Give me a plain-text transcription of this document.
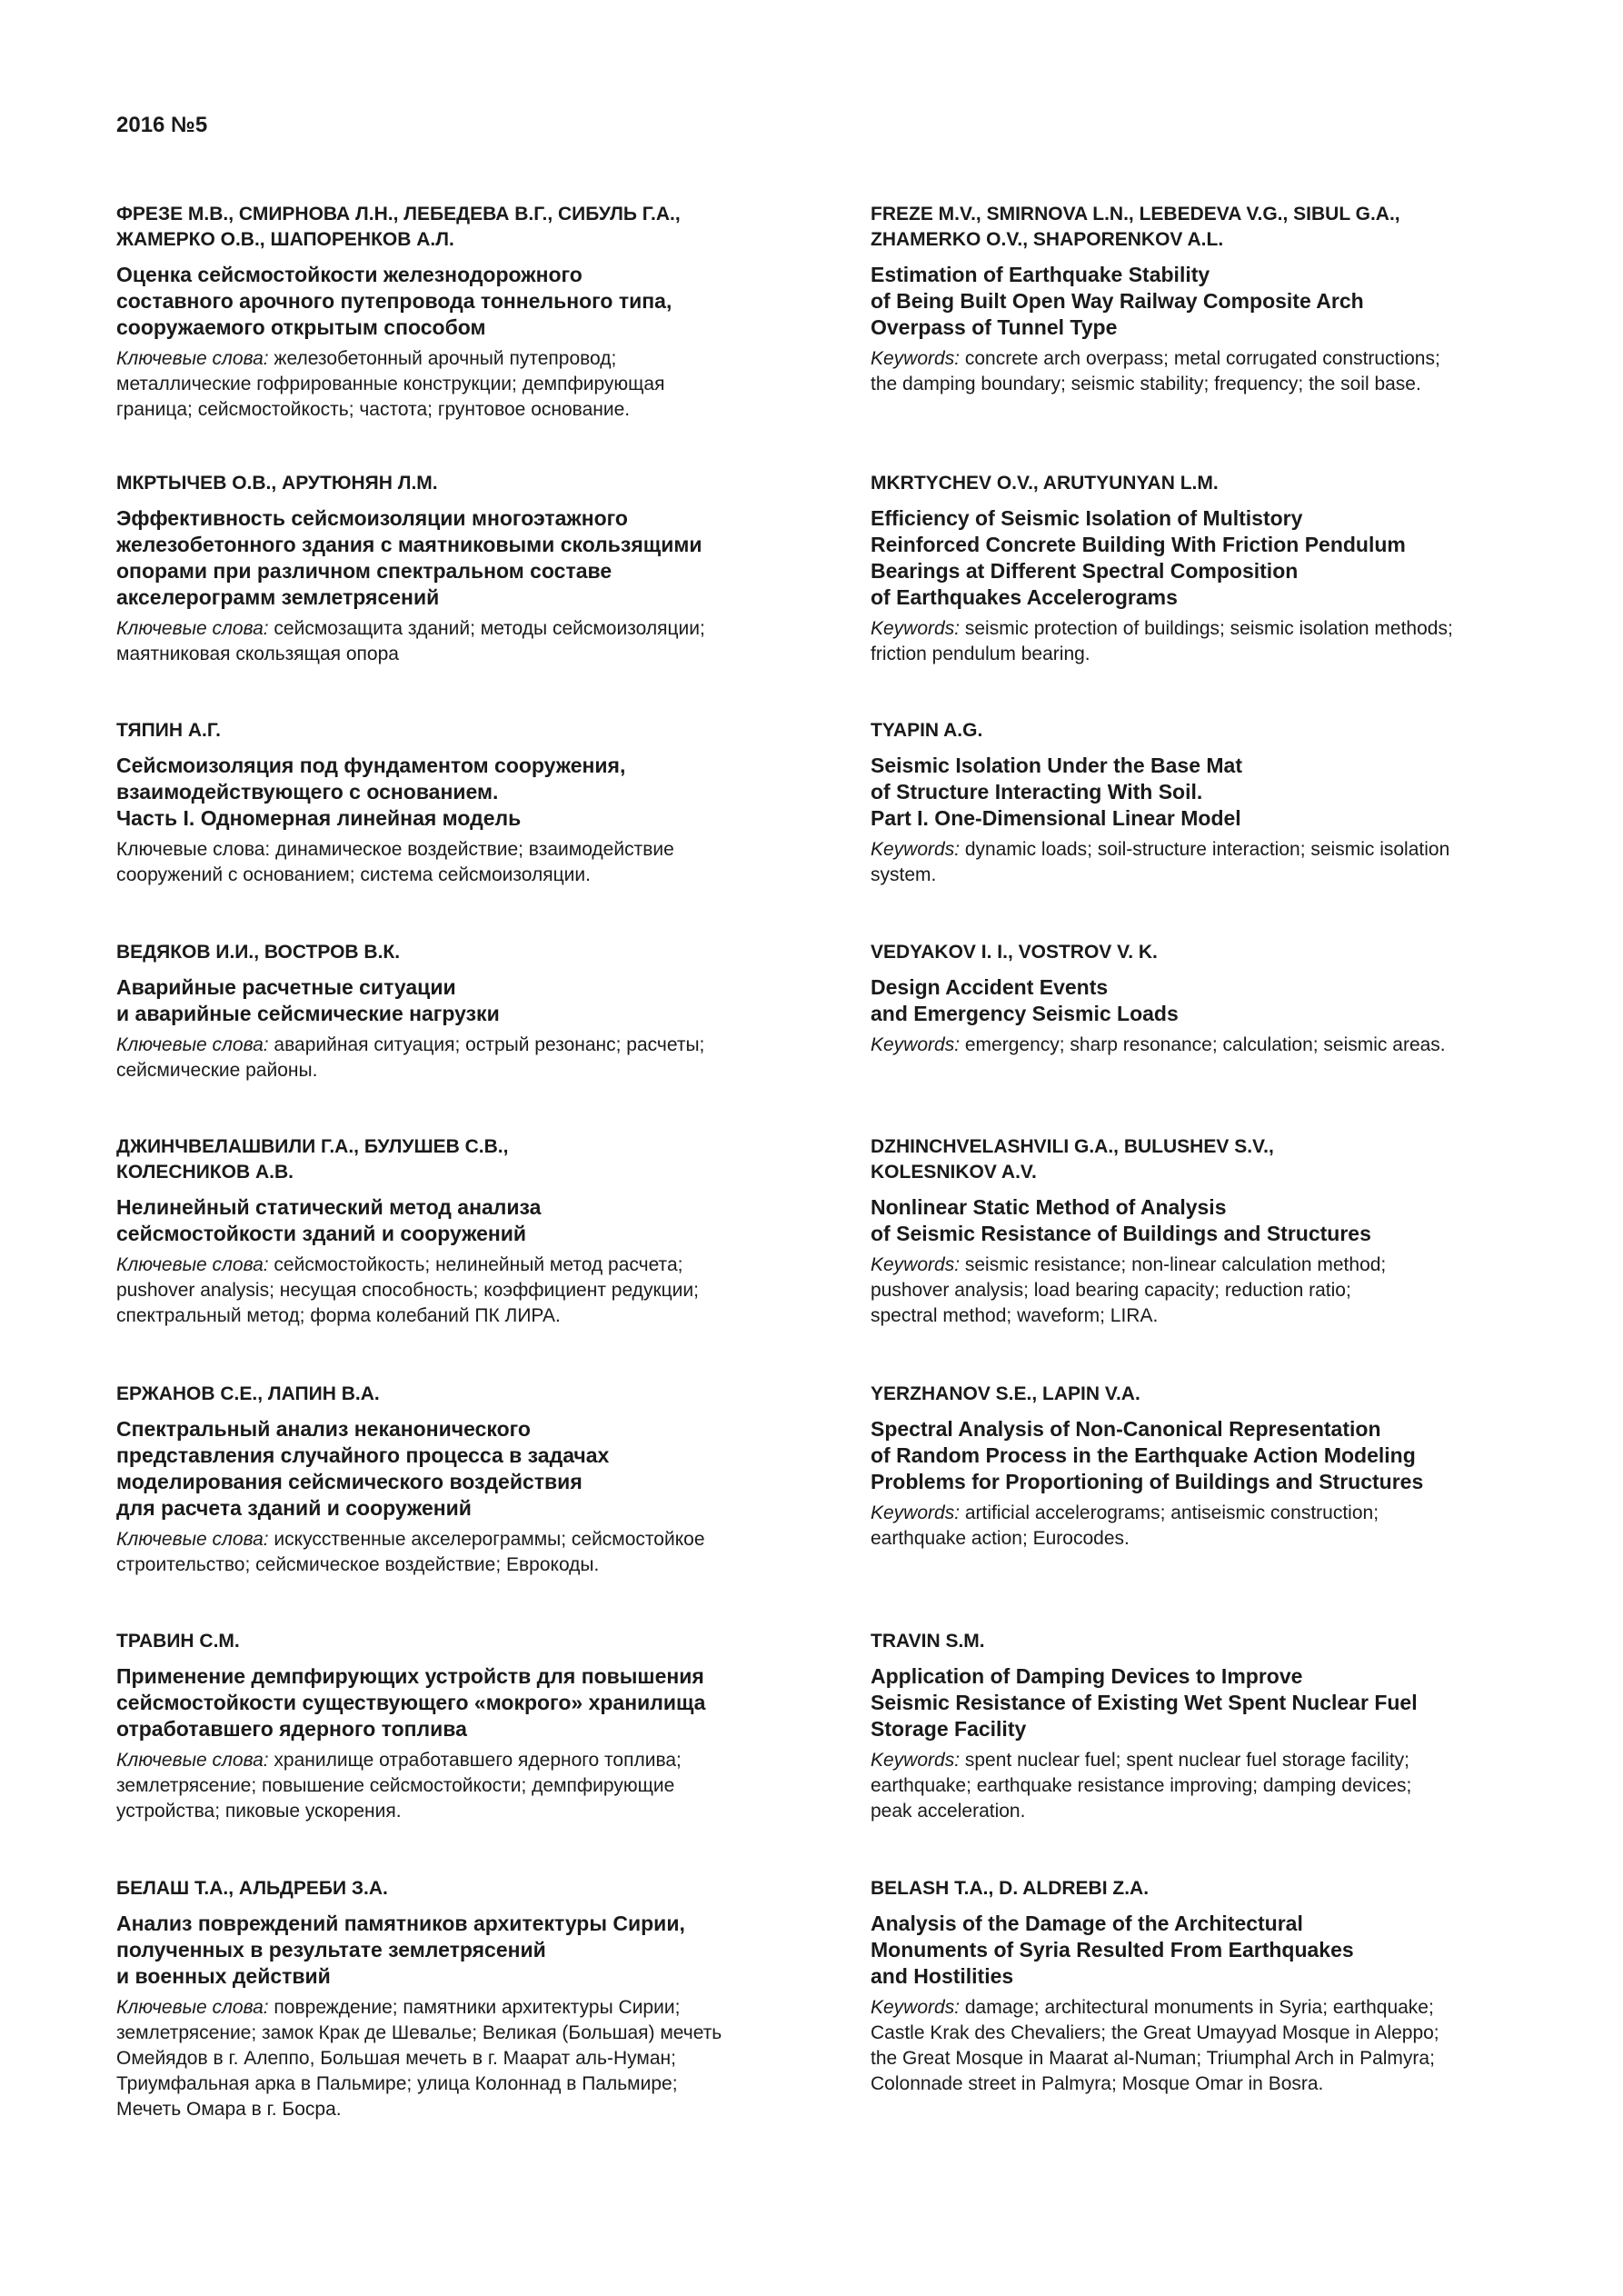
2016 №5

ФРЕЗЕ М.В., СМИРНОВА Л.Н., ЛЕБЕДЕВА В.Г., СИБУЛЬ Г.А.,
ЖАМЕРКО О.В., ШАПОРЕНКОВ А.Л.

Оценка сейсмостойкости железнодорожного
составного арочного путепровода тоннельного типа,
сооружаемого открытым способом

Ключевые слова: железобетонный арочный путепровод;
металлические гофрированные конструкции; демпфирующая
граница; сейсмостойкость; частота; грунтовое основание.

МКРТЫЧЕВ О.В., АРУТЮНЯН Л.М.

Эффективность сейсмоизоляции многоэтажного
железобетонного здания с маятниковыми скользящими
опорами при различном спектральном составе
акселерограмм землетрясений

Ключевые слова: сейсмозащита зданий; методы сейсмоизоляции;
маятниковая скользящая опора

ТЯПИН А.Г.

Сейсмоизоляция под фундаментом сооружения,
взаимодействующего с основанием.
Часть I. Одномерная линейная модель

Ключевые слова: динамическое воздействие; взаимодействие
сооружений с основанием; система сейсмоизоляции.

ВЕДЯКОВ И.И., ВОСТРОВ В.К.

Аварийные расчетные ситуации
и аварийные сейсмические нагрузки

Ключевые слова: аварийная ситуация; острый резонанс; расчеты;
сейсмические районы.

ДЖИНЧВЕЛАШВИЛИ Г.А., БУЛУШЕВ С.В.,
КОЛЕСНИКОВ А.В.

Нелинейный статический метод анализа
сейсмостойкости зданий и сооружений

Ключевые слова: сейсмостойкость; нелинейный метод расчета;
pushover analysis; несущая способность; коэффициент редукции;
спектральный метод; форма колебаний ПК ЛИРА.

ЕРЖАНОВ С.Е., ЛАПИН В.А.

Спектральный анализ неканонического
представления случайного процесса в задачах
моделирования сейсмического воздействия
для расчета зданий и сооружений

Ключевые слова: искусственные акселерограммы; сейсмостойкое
строительство; сейсмическое воздействие; Еврокоды.

ТРАВИН С.М.

Применение демпфирующих устройств для повышения
сейсмостойкости существующего «мокрого» хранилища
отработавшего ядерного топлива

Ключевые слова: хранилище отработавшего ядерного топлива;
землетрясение; повышение сейсмостойкости; демпфирующие
устройства; пиковые ускорения.

БЕЛАШ Т.А., АЛЬДРЕБИ З.А.

Анализ повреждений памятников архитектуры Сирии,
полученных в результате землетрясений
и военных действий

Ключевые слова: повреждение; памятники архитектуры Сирии;
землетрясение; замок Крак де Шевалье; Великая (Большая) мечеть
Омейядов в г. Алеппо, Большая мечеть в г. Маарат аль-Нуман;
Триумфальная арка в Пальмире; улица Колоннад в Пальмире;
Мечеть Омара в г. Босра.

FREZE M.V., SMIRNOVA L.N., LEBEDEVA V.G., SIBUL G.A.,
ZHAMERKO O.V., SHAPORENKOV A.L.

Estimation of Earthquake Stability
of Being Built Open Way Railway Composite Arch
Overpass of Tunnel Type

Keywords: concrete arch overpass; metal corrugated constructions;
the damping boundary; seismic stability; frequency; the soil base.

MKRTYCHEV O.V., ARUTYUNYAN L.M.

Efficiency of Seismic Isolation of Multistory
Reinforced Concrete Building With Friction Pendulum
Bearings at Different Spectral Composition
of Earthquakes Accelerograms

Keywords: seismic protection of buildings; seismic isolation methods;
friction pendulum bearing.

TYAPIN A.G.

Seismic Isolation Under the Base Mat
of Structure Interacting With Soil.
Part I. One-Dimensional Linear Model

Keywords: dynamic loads; soil-structure interaction; seismic isolation
system.

VEDYAKOV I. I., VOSTROV V. K.

Design Accident Events
and Emergency Seismic Loads

Keywords: emergency; sharp resonance; calculation; seismic areas.

DZHINCHVELASHVILI G.A., BULUSHEV S.V.,
KOLESNIKOV A.V.

Nonlinear Static Method of Analysis
of Seismic Resistance of Buildings and Structures

Keywords: seismic resistance; non-linear calculation method;
pushover analysis; load bearing capacity; reduction ratio;
spectral method; waveform; LIRA.

YERZHANOV S.E., LAPIN V.A.

Spectral Analysis of Non-Canonical Representation
of Random Process in the Earthquake Action Modeling
Problems for Proportioning of Buildings and Structures

Keywords: artificial accelerograms; antiseismic construction;
earthquake action; Eurocodes.

TRAVIN S.M.

Application of Damping Devices to Improve
Seismic Resistance of Existing Wet Spent Nuclear Fuel
Storage Facility

Keywords: spent nuclear fuel; spent nuclear fuel storage facility;
earthquake; earthquake resistance improving; damping devices;
peak acceleration.

BELASH T.A., D. ALDREBI Z.A.

Analysis of the Damage of the Architectural
Monuments of Syria Resulted From Earthquakes
and Hostilities

Keywords: damage; architectural monuments in Syria; earthquake;
Castle Krak des Chevaliers; the Great Umayyad Mosque in Aleppo;
the Great Mosque in Maarat al-Numan; Triumphal Arch in Palmyra;
Colonnade street in Palmyra; Mosque Omar in Bosra.
